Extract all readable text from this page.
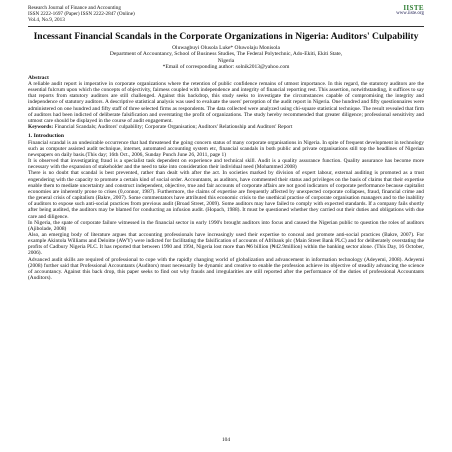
Research Journal of Finance and Accounting
ISSN 2222-1697 (Paper) ISSN 2222-2847 (Online)
Vol.4, No.9, 2013
IISTE
www.iiste.org
Incessant Financial Scandals in the Corporate Organizations in Nigeria: Auditors' Culpability
Oluwagbuyi Olusola Luke* Oluwolaju Monisola
Department of Accountancy, School of Business Studies, The Federal Polytechnic, Ado-Ekiti, Ekiti State,
Nigeria
*Email of corresponding author: solnik2013@yahoo.com
Abstract

A reliable audit report is imperative in corporate organizations where the retention of public confidence remains of utmost importance. In this regard, the statutory auditors are the essential fulcrum upon which the concepts of objectivity, fairness coupled with independence and integrity of financial reporting rest. This assertion, notwithstanding, it suffices to say that reports from statutory auditors are still challenged. Against this backdrop, this study seeks to investigate the circumstances capable of compromising the integrity and independence of statutory auditors. A descriptive statistical analysis was used to evaluate the users' perception of the audit report in Nigeria. One hundred and fifty questionnaires were administered on one hundred and fifty staff of three selected firms as respondents. The data collected were analyzed using chi-square statistical technique. The result revealed that firm of auditors had been indicted of deliberate falsification and overstating the profit of organizations. The study hereby recommended that greater diligence; professional sensitivity and utmost care should be displayed in the course of audit engagement.

Keywords: Financial Scandals; Auditors' culpability; Corporate Organisation; Auditors' Relationship and Auditors' Report

1. Introduction

Financial scandal is an undesirable occurrence that had threatened the going concern status of many corporate organisations in Nigeria. In spite of frequent development in technology such as computer assisted audit technique, internet, automated accounting system etc, financial scandals in both public and private organisations still top the headlines of Nigerian newspapers on daily basis.(This day; 16th Oct., 2006, Sunday Punch June 26, 2011, page 1)

It is observed that investigating fraud is a specialist task dependent on experience and technical skill. Audit is a quality assurance function. Quality assurance has become more necessary with the expansion of stakeholder and the need to take into consideration their individual need (Mohammed 2008)

There is no doubt that scandal is best prevented, rather than dealt with after the act. In societies marked by division of expert labour, external auditing is promoted as a trust engendering with the capacity to promote a certain kind of social order. Accountants, as auditors, have commented their status and privileges on the basis of claims that their expertise enable them to mediate uncertainty and construct independent, objective, true and fair accounts of corporate affairs are not good indicators of corporate performance because capitalist economies are inherently prone to crises (0,connor, 1987). Furthermore, the claims of expertise are frequently affected by unexpected corporate collapses, fraud, financial crime and the general crisis of capitalism (Bakre, 2007). Some commentators have attributed this economic crisis to the unethical practise of corporate organisation managers and to the inability of auditors to expose such anti-social practices from previous audit (Broad Street, 2009). Some auditors may have failed to comply with expected standards. If a company fails shortly after being audited, the auditors may be blamed for conducting an infusion audit. (Hopach, 1988). It must be questioned whether they carried out their duties and obligations with due care and diligence.

In Nigeria, the spate of corporate failure witnessed in the financial sector in early 1990's brought auditors into focus and caused the Nigerian public to question the roles of auditors (Ajibolade, 2008)

Also, an emerging body of literature argues that accounting professionals have increasingly used their expertise to conceal and promote anti-social practices (Bakre, 2007). For example Akintola Williams and Deloitte (AWY) were indicted for facilitating the falsification of accounts of Afribank plc (Main Street Bank PLC) and for deliberately overstating the profits of Cadbury Nigeria PLC. It has reported that between 1990 and 1994, Nigeria lost more than ₦6 billion (₦42.9million) within the banking sector alone. (This Day, 16 October, 2006).

Advanced audit skills are required of professional to cope with the rapidly changing world of globalization and advancement in information technology (Adeyemi, 2008). Adeyemi (2008) further said that Professional Accountants (Auditors) must necessarily be dynamic and creative to enable the profession achieve its objective of steadily advancing the science of accountancy. Against this back drop, this paper seeks to find out why frauds and irregularities are still reported after the performance of the duties of professional Accountants (Auditors).

104
